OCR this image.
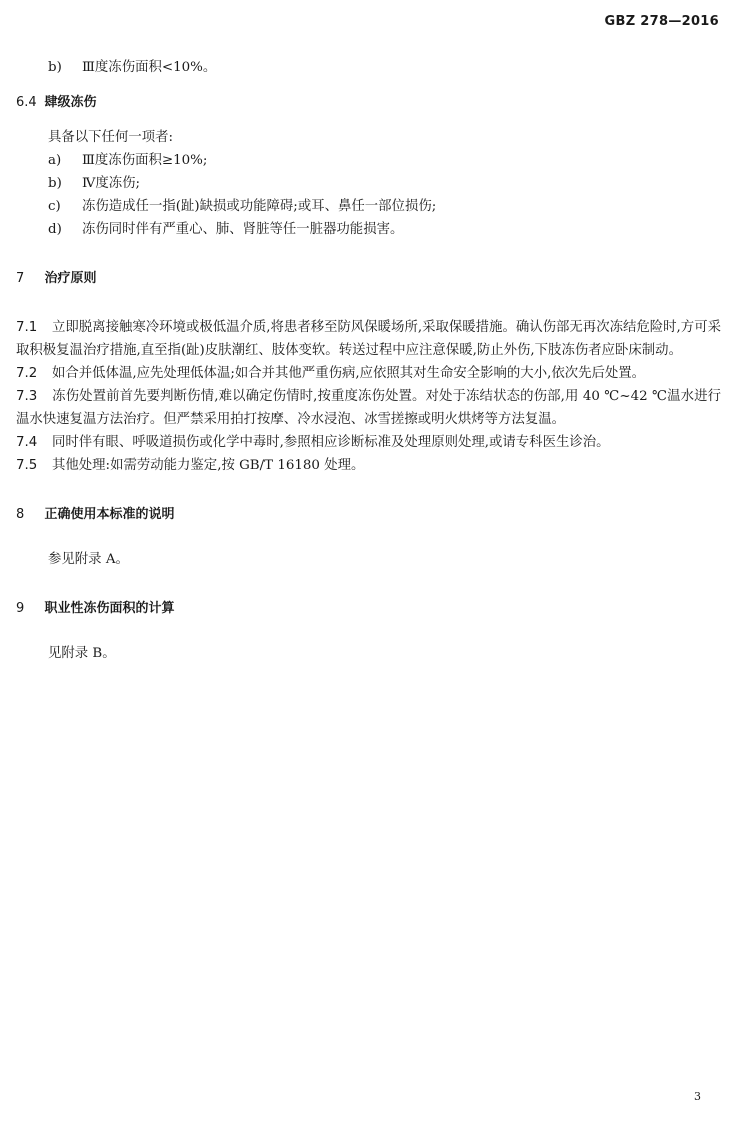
GBZ 278—2016

b) Ⅲ度冻伤面积<10%。

6.4 肆级冻伤

具备以下任何一项者:

a) Ⅲ度冻伤面积≥10%;

b) Ⅳ度冻伤;

c) 冻伤造成任一指(趾)缺损或功能障碍;或耳、鼻任一部位损伤;

d) 冻伤同时伴有严重心、肺、肾脏等任一脏器功能损害。

7 治疗原则

7.1 立即脱离接触寒冷环境或极低温介质,将患者移至防风保暖场所,采取保暖措施。确认伤部无再次冻结危险时,方可采取积极复温治疗措施,直至指(趾)皮肤潮红、肢体变软。转送过程中应注意保暖,防止外伤,下肢冻伤者应卧床制动。

7.2 如合并低体温,应先处理低体温;如合并其他严重伤病,应依照其对生命安全影响的大小,依次先后处置。

7.3 冻伤处置前首先要判断伤情,难以确定伤情时,按重度冻伤处置。对处于冻结状态的伤部,用 40 ℃~42 ℃温水进行温水快速复温方法治疗。但严禁采用拍打按摩、冷水浸泡、冰雪搓擦或明火烘烤等方法复温。

7.4 同时伴有眼、呼吸道损伤或化学中毒时,参照相应诊断标准及处理原则处理,或请专科医生诊治。

7.5 其他处理:如需劳动能力鉴定,按 GB/T 16180 处理。

8 正确使用本标准的说明

参见附录 A。

9 职业性冻伤面积的计算

见附录 B。

3
